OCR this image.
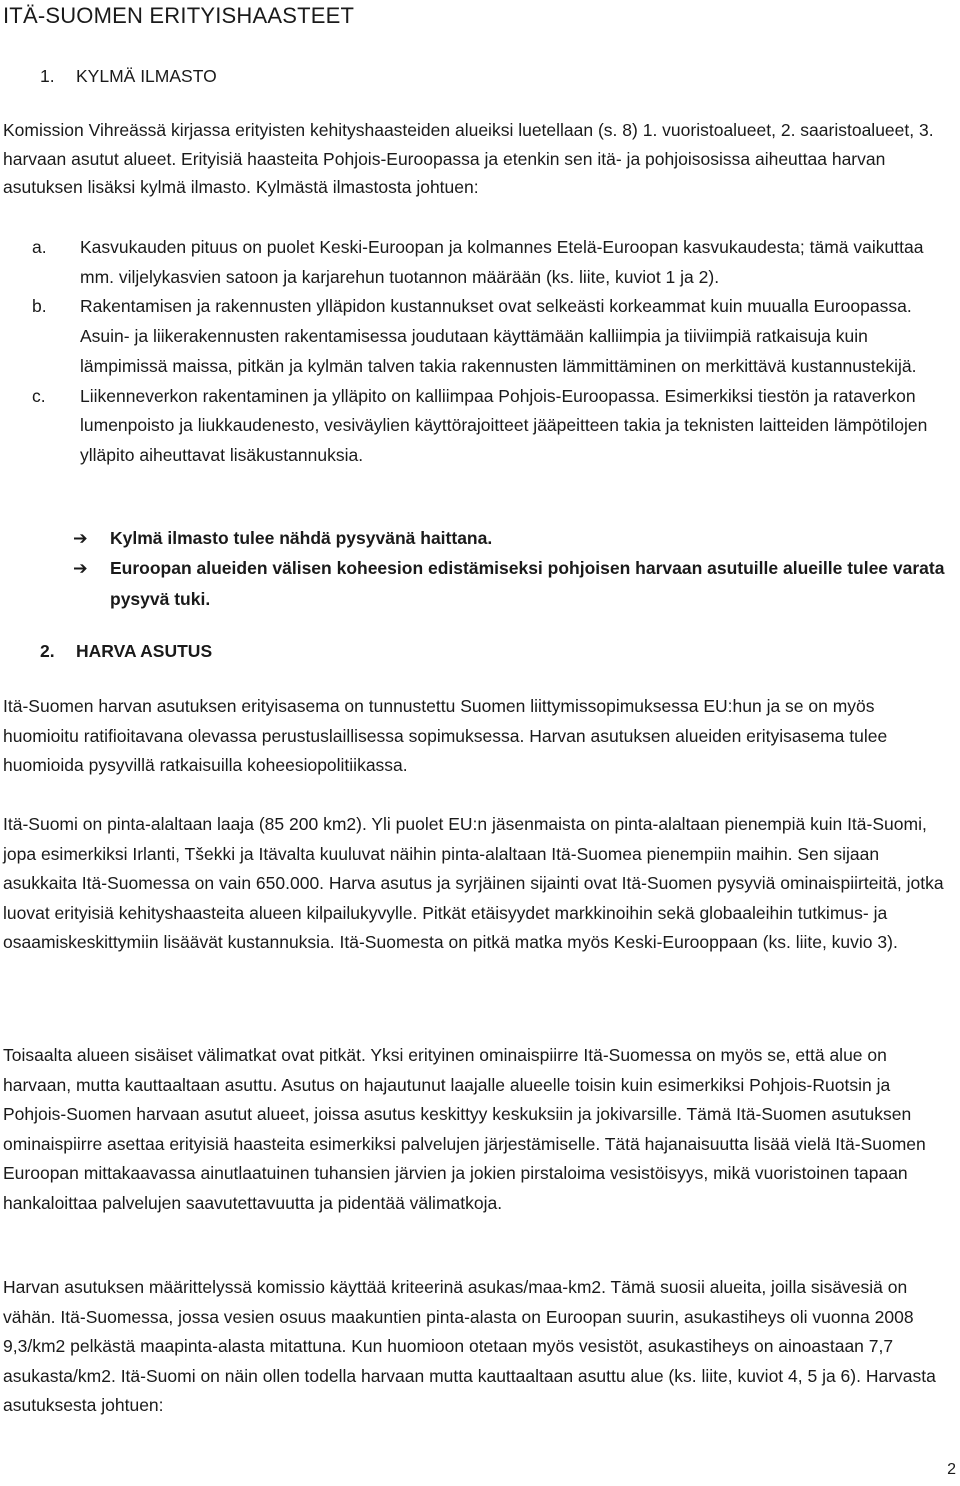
ITÄ-SUOMEN ERITYISHAASTEET
1. KYLMÄ ILMASTO

Komission Vihreässä kirjassa erityisten kehityshaasteiden alueiksi luetellaan (s. 8) 1. vuoristoalueet, 2. saaristoalueet, 3. harvaan asutut alueet. Erityisiä haasteita Pohjois-Euroopassa ja etenkin sen itä- ja pohjoisosissa aiheuttaa harvan asutuksen lisäksi kylmä ilmasto. Kylmästä ilmastosta johtuen:

a. Kasvukauden pituus on puolet Keski-Euroopan ja kolmannes Etelä-Euroopan kasvukaudesta; tämä vaikuttaa mm. viljelykasvien satoon ja karjarehun tuotannon määrään (ks. liite, kuviot 1 ja 2).
b. Rakentamisen ja rakennusten ylläpidon kustannukset ovat selkeästi korkeammat kuin muualla Euroopassa. Asuin- ja liikerakennusten rakentamisessa joudutaan käyttämään kalliimpia ja tiiviimpiä ratkaisuja kuin lämpimissä maissa, pitkän ja kylmän talven takia rakennusten lämmittäminen on merkittävä kustannustekijä.
c. Liikenneverkon rakentaminen ja ylläpito on kalliimpaa Pohjois-Euroopassa. Esimerkiksi tiestön ja rataverkon lumenpoisto ja liukkaudenesto, vesiväylien käyttörajoitteet jääpeitteen takia ja teknisten laitteiden lämpötilojen ylläpito aiheuttavat lisäkustannuksia.
➔ Kylmä ilmasto tulee nähdä pysyvänä haittana.
➔ Euroopan alueiden välisen koheesion edistämiseksi pohjoisen harvaan asutuille alueille tulee varata pysyvä tuki.
2. HARVA ASUTUS

Itä-Suomen harvan asutuksen erityisasema on tunnustettu Suomen liittymissopimuksessa EU:hun ja se on myös huomioitu ratifioitavana olevassa perustuslaillisessa sopimuksessa. Harvan asutuksen alueiden erityisasema tulee huomioida pysyvillä ratkaisuilla koheesiopolitiikassa.

Itä-Suomi on pinta-alaltaan laaja (85 200 km2). Yli puolet EU:n jäsenmaista on pinta-alaltaan pienempiä kuin Itä-Suomi, jopa esimerkiksi Irlanti, Tšekki ja Itävalta kuuluvat näihin pinta-alaltaan Itä-Suomea pienempiin maihin. Sen sijaan asukkaita Itä-Suomessa on vain 650.000. Harva asutus ja syrjäinen sijainti ovat Itä-Suomen pysyviä ominaispiirteitä, jotka luovat erityisiä kehityshaasteita alueen kilpailukyvylle. Pitkät etäisyydet markkinoihin sekä globaaleihin tutkimus- ja osaamiskeskittymiin lisäävät kustannuksia. Itä-Suomesta on pitkä matka myös Keski-Eurooppaan (ks. liite, kuvio 3).

Toisaalta alueen sisäiset välimatkat ovat pitkät. Yksi erityinen ominaispiirre Itä-Suomessa on myös se, että alue on harvaan, mutta kauttaaltaan asuttu. Asutus on hajautunut laajalle alueelle toisin kuin esimerkiksi Pohjois-Ruotsin ja Pohjois-Suomen harvaan asutut alueet, joissa asutus keskittyy keskuksiin ja jokivarsille. Tämä Itä-Suomen asutuksen ominaispiirre asettaa erityisiä haasteita esimerkiksi palvelujen järjestämiselle. Tätä hajanaisuutta lisää vielä Itä-Suomen Euroopan mittakaavassa ainutlaatuinen tuhansien järvien ja jokien pirstaloima vesistöisyys, mikä vuoristoinen tapaan hankaloittaa palvelujen saavutettavuutta ja pidentää välimatkoja.

Harvan asutuksen määrittelyssä komissio käyttää kriteerinä asukas/maa-km2. Tämä suosii alueita, joilla sisävesiä on vähän. Itä-Suomessa, jossa vesien osuus maakuntien pinta-alasta on Euroopan suurin, asukastiheys oli vuonna 2008 9,3/km2 pelkästä maapinta-alasta mitattuna. Kun huomioon otetaan myös vesistöt, asukastiheys on ainoastaan 7,7 asukasta/km2. Itä-Suomi on näin ollen todella harvaan mutta kauttaaltaan asuttu alue (ks. liite, kuviot 4, 5 ja 6). Harvasta asutuksesta johtuen:

2
